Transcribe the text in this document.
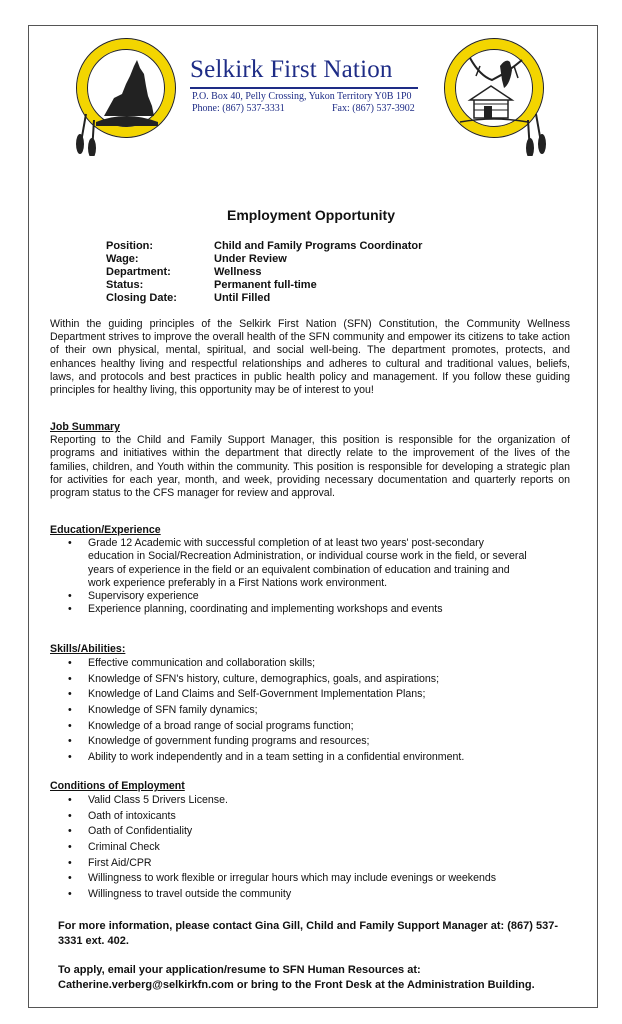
Selkirk First Nation
P.O. Box 40, Pelly Crossing, Yukon Territory Y0B 1P0
Phone: (867) 537-3331	Fax: (867) 537-3902
Employment Opportunity
Position:	Child and Family Programs Coordinator
Wage:	Under Review
Department:	Wellness
Status:	Permanent full-time
Closing Date:	Until Filled
Within the guiding principles of the Selkirk First Nation (SFN) Constitution, the Community Wellness Department strives to improve the overall health of the SFN community and empower its citizens to take action of their own physical, mental, spiritual, and social well-being. The department promotes, protects, and enhances healthy living and respectful relationships and adheres to cultural and traditional values, beliefs, laws, and protocols and best practices in public health policy and management. If you follow these guiding principles for healthy living, this opportunity may be of interest to you!
Job Summary
Reporting to the Child and Family Support Manager, this position is responsible for the organization of programs and initiatives within the department that directly relate to the improvement of the lives of the families, children, and Youth within the community. This position is responsible for developing a strategic plan for activities for each year, month, and week, providing necessary documentation and quarterly reports on program status to the CFS manager for review and approval.
Education/Experience
• Grade 12 Academic with successful completion of at least two years' post-secondary education in Social/Recreation Administration, or individual course work in the field, or several years of experience in the field or an equivalent combination of education and training and work experience preferably in a First Nations work environment.
• Supervisory experience
• Experience planning, coordinating and implementing workshops and events
Skills/Abilities:
• Effective communication and collaboration skills;
• Knowledge of SFN's history, culture, demographics, goals, and aspirations;
• Knowledge of Land Claims and Self-Government Implementation Plans;
• Knowledge of SFN family dynamics;
• Knowledge of a broad range of social programs function;
• Knowledge of government funding programs and resources;
• Ability to work independently and in a team setting in a confidential environment.
Conditions of Employment
• Valid Class 5 Drivers License.
• Oath of intoxicants
• Oath of Confidentiality
• Criminal Check
• First Aid/CPR
• Willingness to work flexible or irregular hours which may include evenings or weekends
• Willingness to travel outside the community
For more information, please contact Gina Gill, Child and Family Support Manager at: (867) 537-3331 ext. 402.
To apply, email your application/resume to SFN Human Resources at: Catherine.verberg@selkirkfn.com or bring to the Front Desk at the Administration Building.
